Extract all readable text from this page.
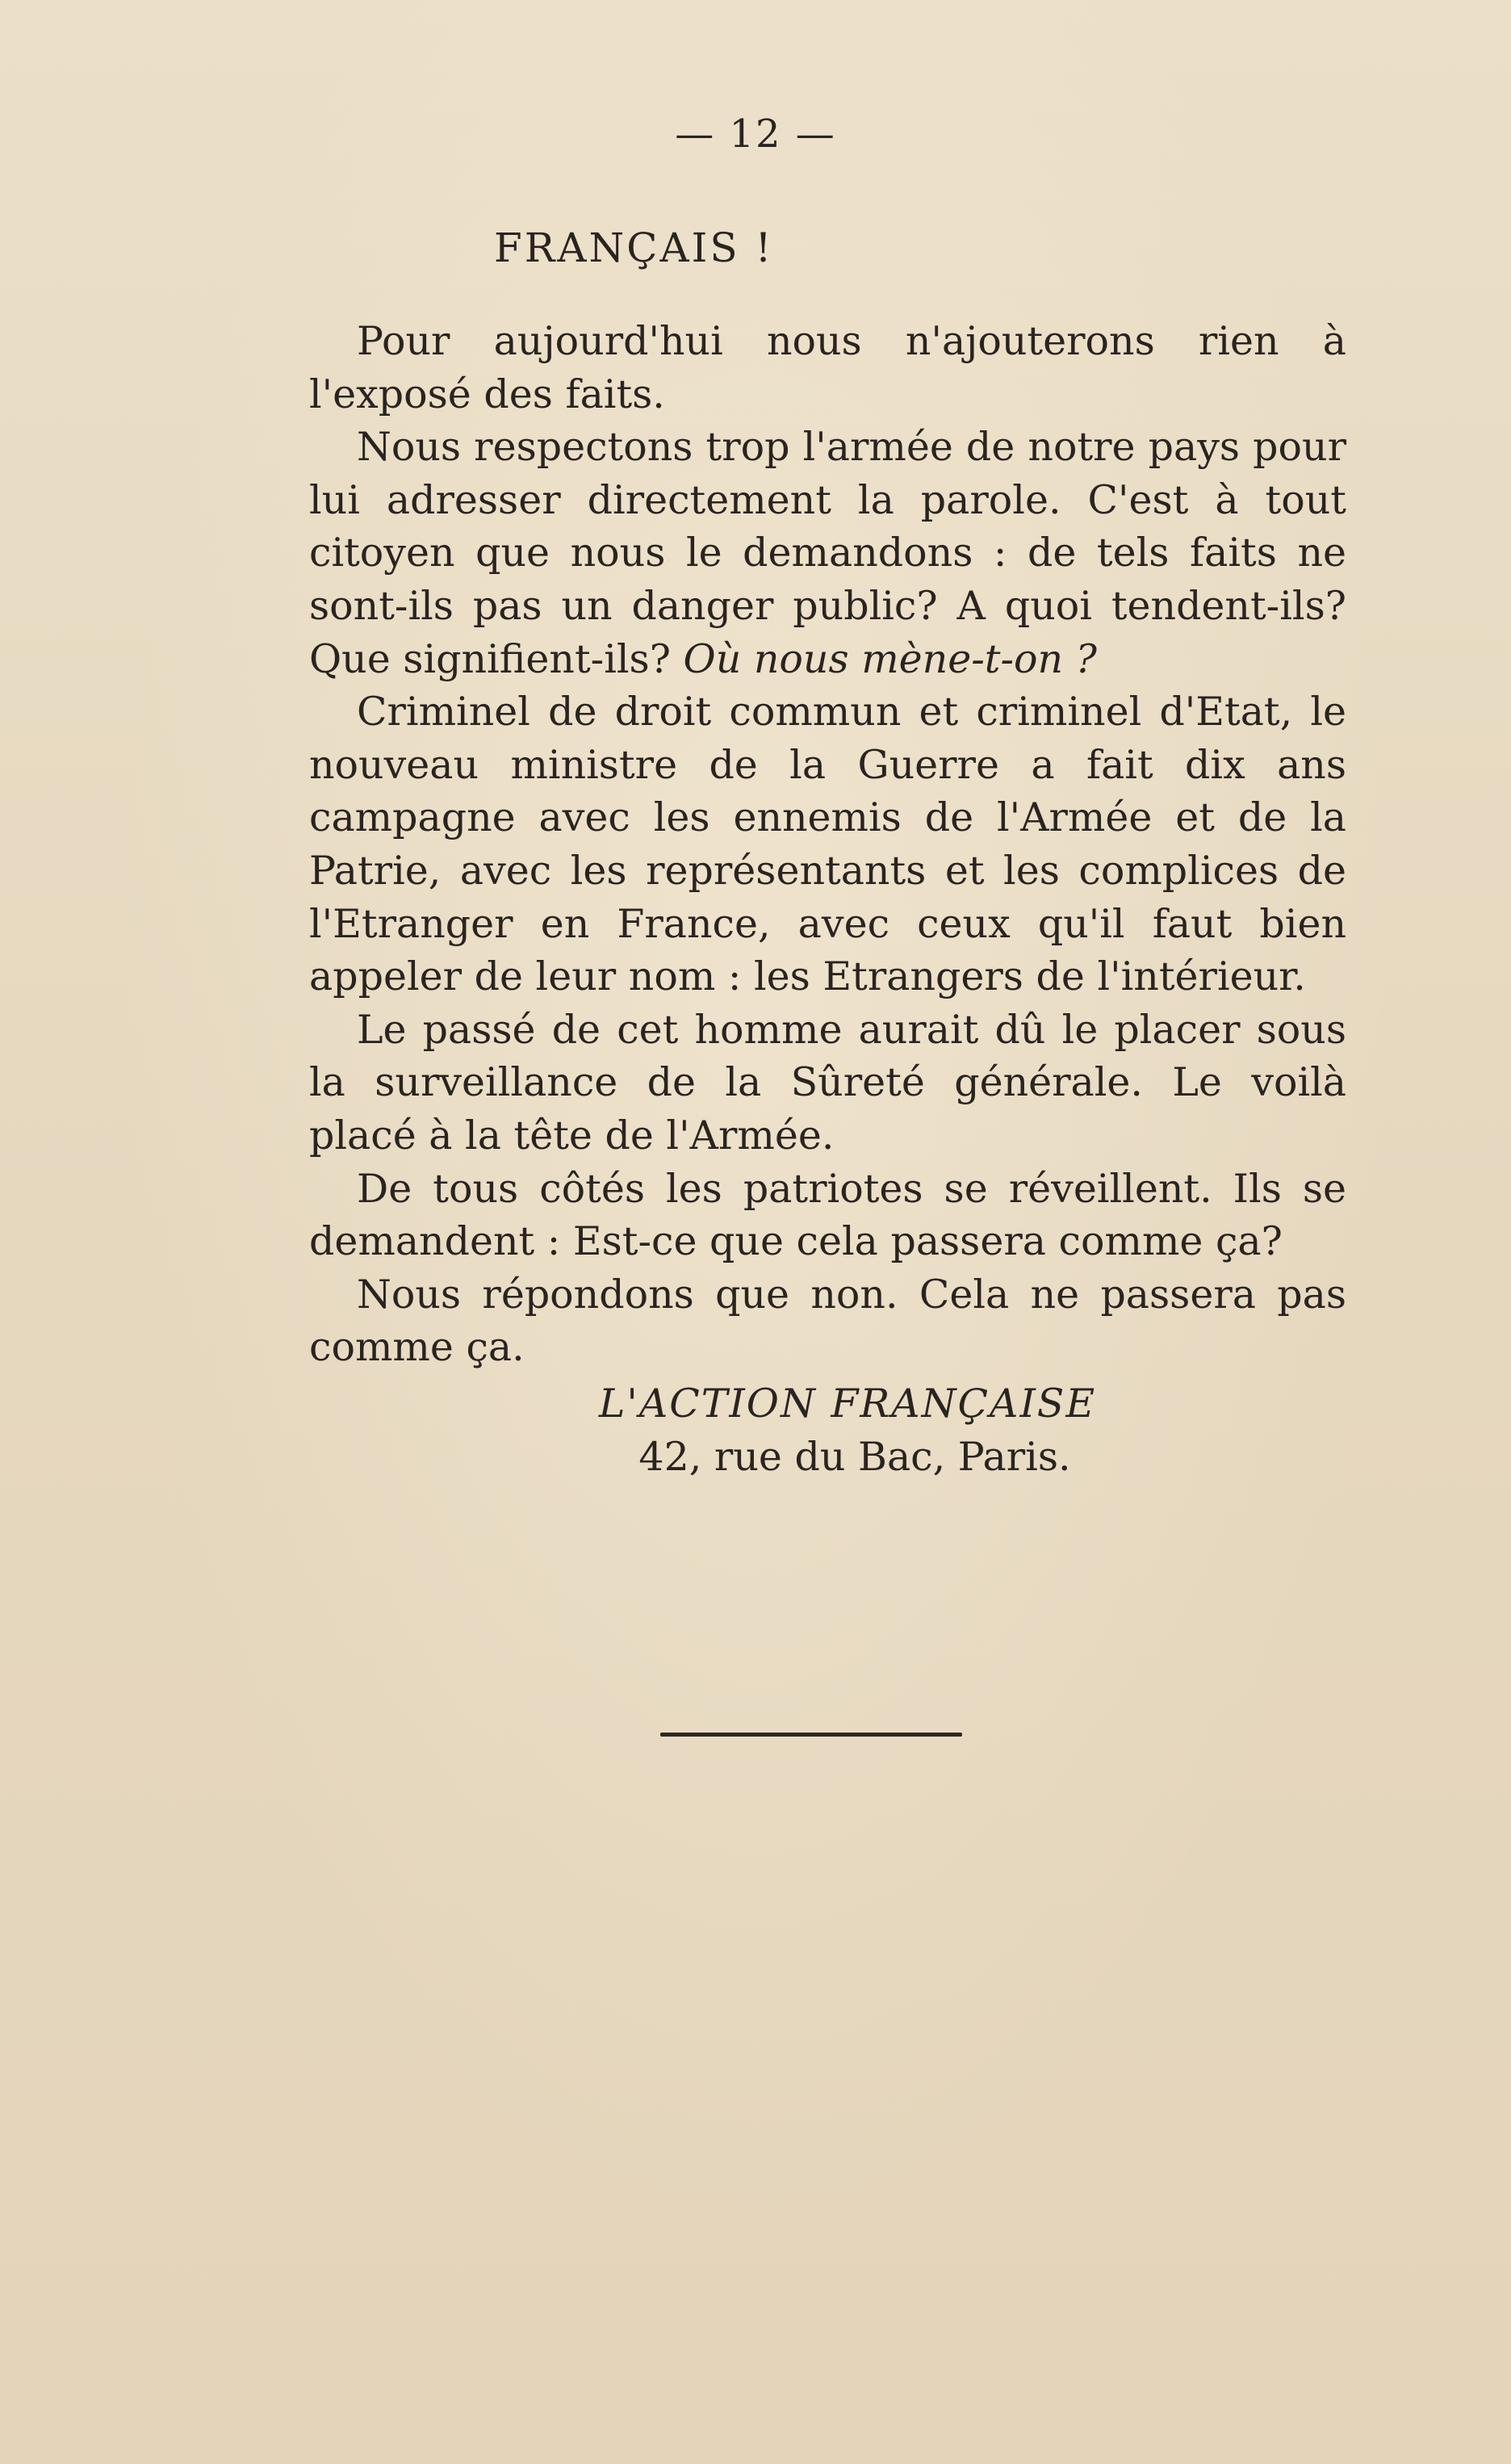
— 12 —
FRANÇAIS !

Pour aujourd'hui nous n'ajouterons rien à l'exposé des faits.

Nous respectons trop l'armée de notre pays pour lui adresser directement la parole. C'est à tout citoyen que nous le demandons : de tels faits ne sont-ils pas un danger public? A quoi tendent-ils? Que signifient-ils? Où nous mène-t-on ?

Criminel de droit commun et criminel d'Etat, le nouveau ministre de la Guerre a fait dix ans campagne avec les ennemis de l'Armée et de la Patrie, avec les représentants et les complices de l'Etranger en France, avec ceux qu'il faut bien appeler de leur nom : les Etrangers de l'intérieur.

Le passé de cet homme aurait dû le placer sous la surveillance de la Sûreté générale. Le voilà placé à la tête de l'Armée.

De tous côtés les patriotes se réveillent. Ils se demandent : Est-ce que cela passera comme ça?

Nous répondons que non. Cela ne passera pas comme ça.

L'ACTION FRANÇAISE
42, rue du Bac, Paris.
